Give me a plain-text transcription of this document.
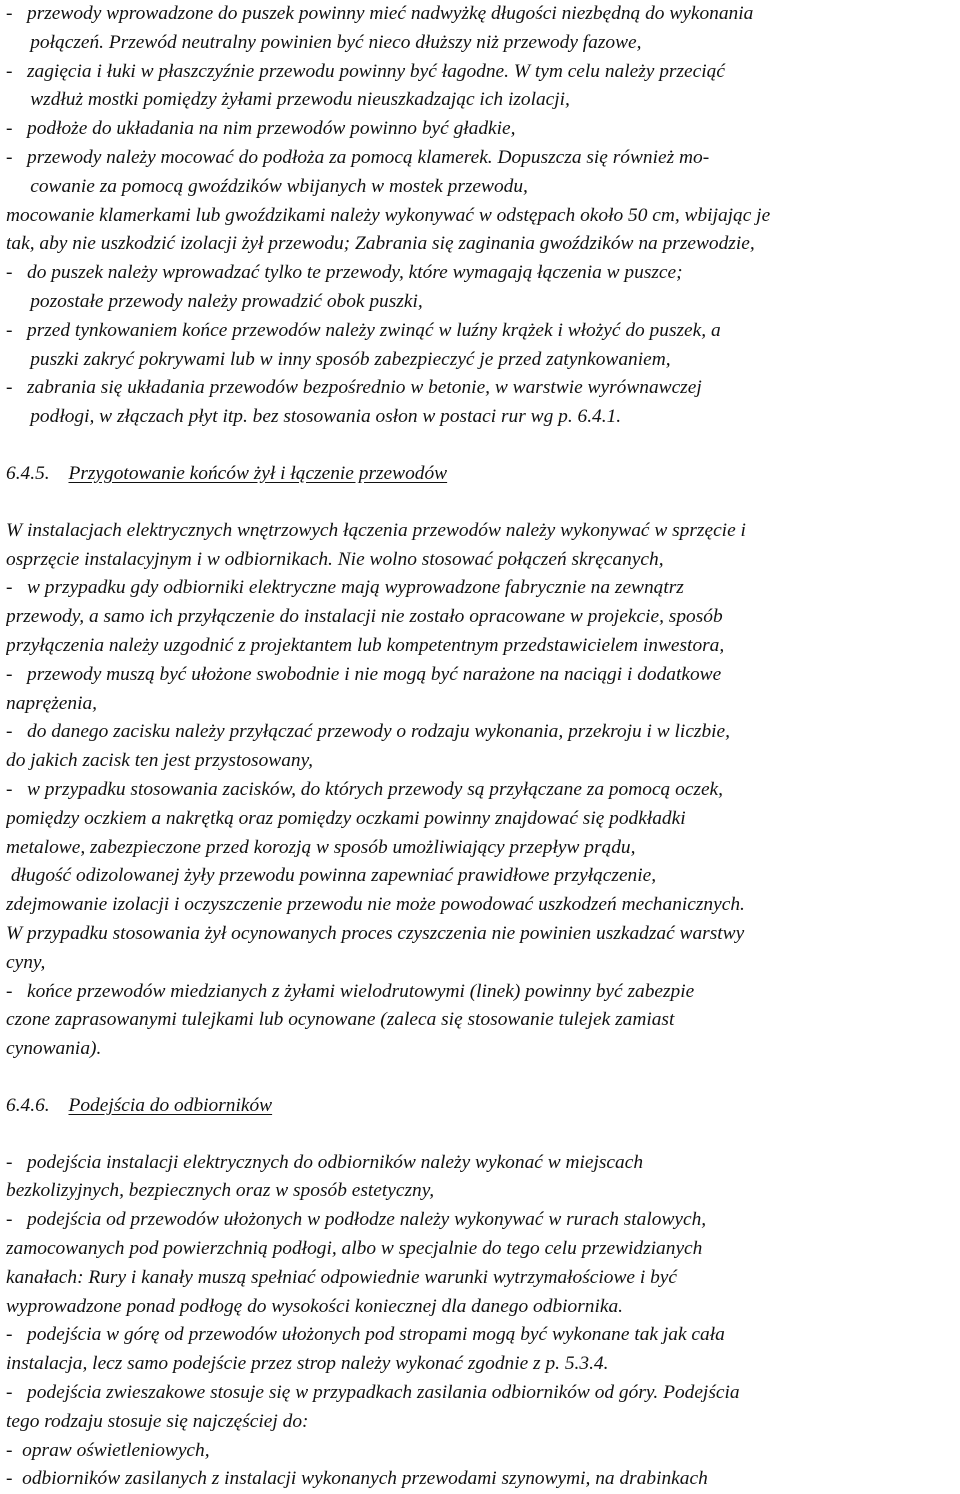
-   przewody wprowadzone do puszek powinny mieć nadwyżkę długości niezbędną do wykonania
połączeń. Przewód neutralny powinien być nieco dłuższy niż przewody fazowe,
-   zagięcia i łuki w płaszczyźnie przewodu powinny być łagodne. W tym celu należy przeciąć
wzdłuż mostki pomiędzy żyłami przewodu nieuszkadzając ich izolacji,
-   podłoże do układania na nim przewodów powinno być gładkie,
-   przewody należy mocować do podłoża za pomocą klamerek. Dopuszcza się również mo-
cowanie za pomocą gwoździków wbijanych w mostek przewodu,
mocowanie klamerkami lub gwoździkami należy wykonywać w odstępach około 50 cm, wbijając je
tak, aby nie uszkodzić izolacji żył przewodu; Zabrania się zaginania gwoździków na przewodzie,
-   do puszek należy wprowadzać tylko te przewody, które wymagają łączenia w puszce;
pozostałe przewody należy prowadzić obok puszki,
-   przed tynkowaniem końce przewodów należy zwinąć w luźny krążek i włożyć do puszek, a
puszki zakryć pokrywami lub w inny sposób zabezpieczyć je przed zatynkowaniem,
-   zabrania się układania przewodów bezpośrednio w betonie, w warstwie wyrównawczej
podłogi, w złączach płyt itp. bez stosowania osłon w postaci rur wg p. 6.4.1.
6.4.5. Przygotowanie końców żył i łączenie przewodów
W instalacjach elektrycznych wnętrzowych łączenia przewodów należy wykonywać w sprzęcie i
osprzęcie instalacyjnym i w odbiornikach. Nie wolno stosować połączeń skręcanych,
-   w przypadku gdy odbiorniki elektryczne mają wyprowadzone fabrycznie na zewnątrz
przewody, a samo ich przyłączenie do instalacji nie zostało opracowane w projekcie, sposób
przyłączenia należy uzgodnić z projektantem lub kompetentnym przedstawicielem inwestora,
-   przewody muszą być ułożone swobodnie i nie mogą być narażone na naciągi i dodatkowe
naprężenia,
-   do danego zacisku należy przyłączać przewody o rodzaju wykonania, przekroju i w liczbie,
do jakich zacisk ten jest przystosowany,
-   w przypadku stosowania zacisków, do których przewody są przyłączane za pomocą oczek,
pomiędzy oczkiem a nakrętką oraz pomiędzy oczkami powinny znajdować się podkładki
metalowe, zabezpieczone przed korozją w sposób umożliwiający przepływ prądu,
długość odizolowanej żyły przewodu powinna zapewniać prawidłowe przyłączenie,
zdejmowanie izolacji i oczyszczenie przewodu nie może powodować uszkodzeń mechanicznych.
W przypadku stosowania żył ocynowanych proces czyszczenia nie powinien uszkadzać warstwy
cyny,
-   końce przewodów miedzianych z żyłami wielodrutowymi (linek) powinny być zabezpie
czone zaprasowanymi tulejkami lub ocynowane (zaleca się stosowanie tulejek zamiast
cynowania).
6.4.6. Podejścia do odbiorników
-   podejścia instalacji elektrycznych do odbiorników należy wykonać w miejscach
bezkolizyjnych, bezpiecznych oraz w sposób estetyczny,
-   podejścia od przewodów ułożonych w podłodze należy wykonywać w rurach stalowych,
zamocowanych pod powierzchnią podłogi, albo w specjalnie do tego celu przewidzianych
kanałach: Rury i kanały muszą spełniać odpowiednie warunki wytrzymałościowe i być
wyprowadzone ponad podłogę do wysokości koniecznej dla danego odbiornika.
-   podejścia w górę od przewodów ułożonych pod stropami mogą być wykonane tak jak cała
instalacja, lecz samo podejście przez strop należy wykonać zgodnie z p. 5.3.4.
-   podejścia zwieszakowe stosuje się w przypadkach zasilania odbiorników od góry. Podejścia
tego rodzaju stosuje się najczęściej do:
-  opraw oświetleniowych,
-  odbiorników zasilanych z instalacji wykonanych przewodami szynowymi, na drabinkach
